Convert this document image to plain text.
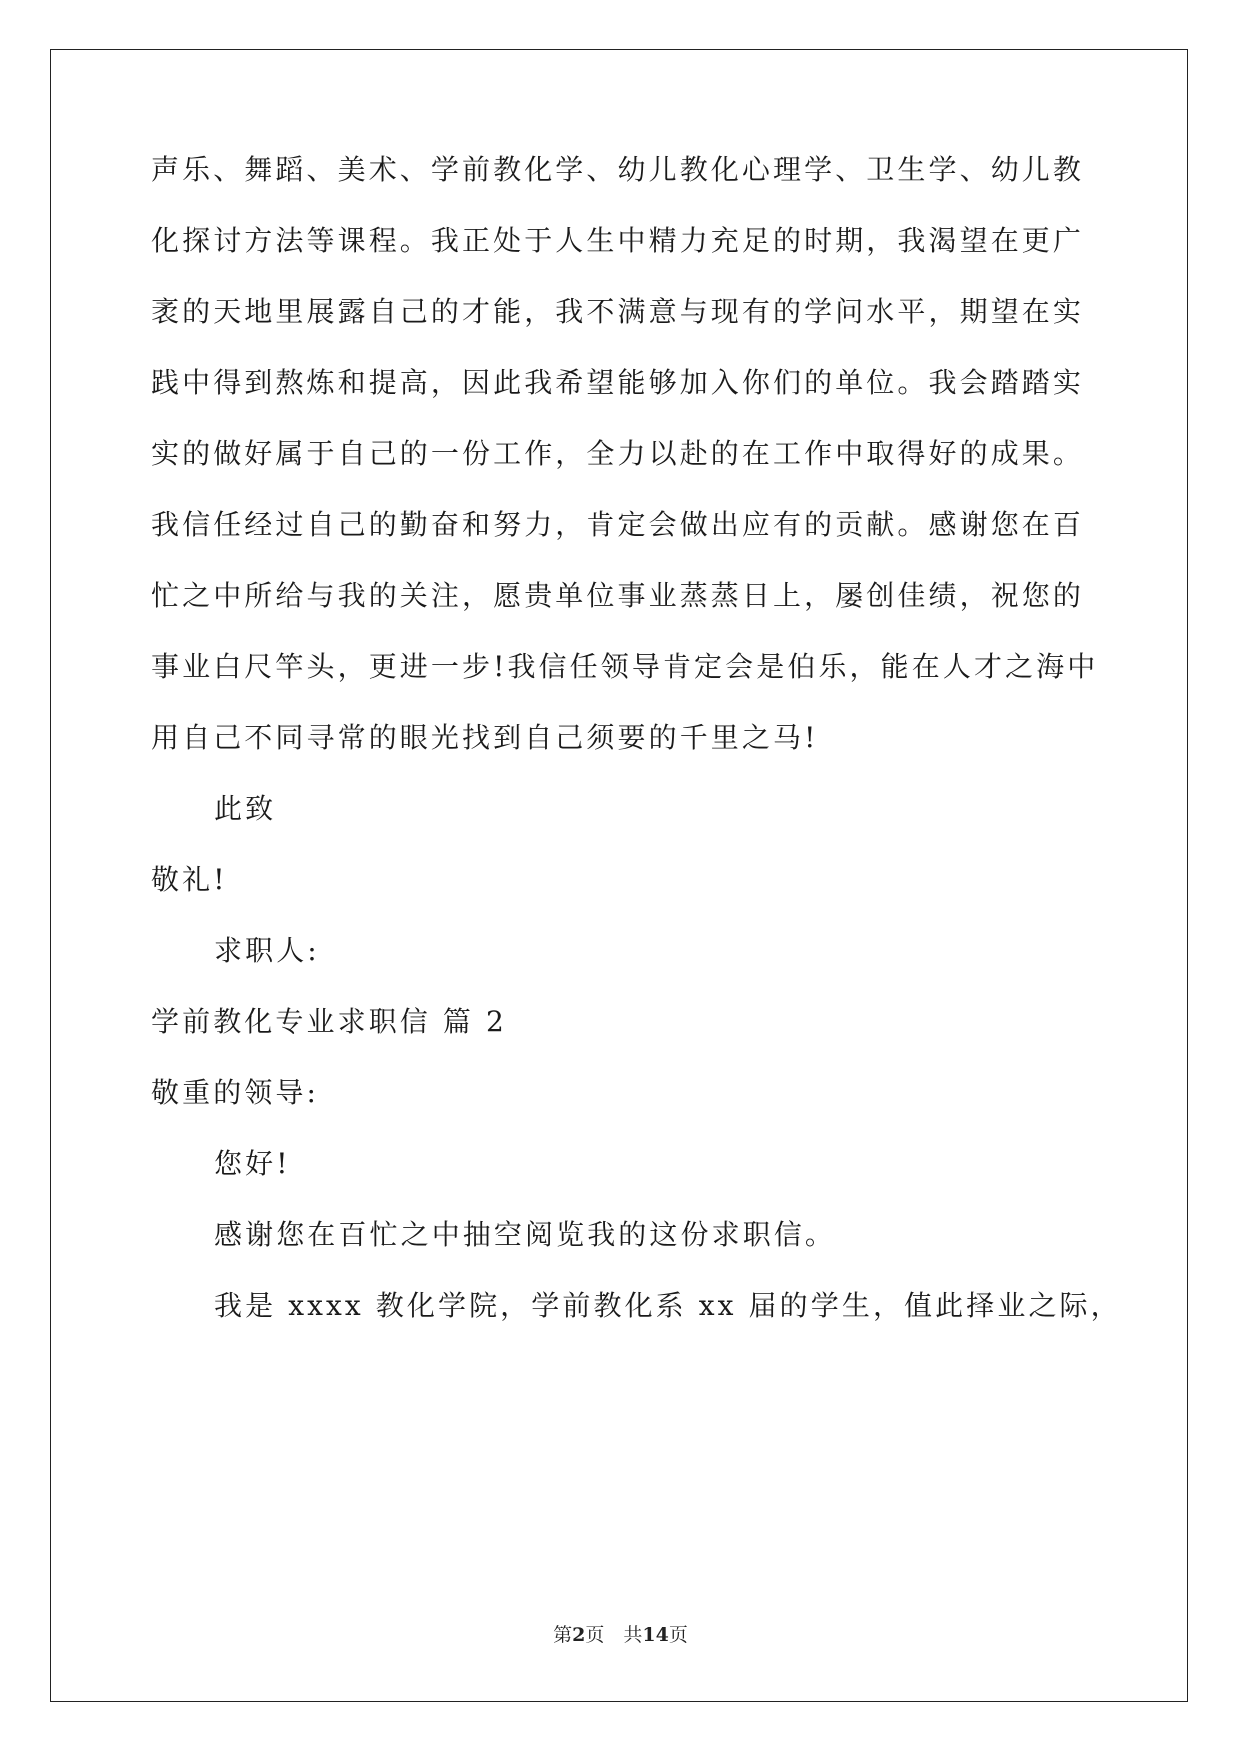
声乐、舞蹈、美术、学前教化学、幼儿教化心理学、卫生学、幼儿教
化探讨方法等课程。我正处于人生中精力充足的时期，我渴望在更广
袤的天地里展露自己的才能，我不满意与现有的学问水平，期望在实
践中得到熬炼和提高，因此我希望能够加入你们的单位。我会踏踏实
实的做好属于自己的一份工作，全力以赴的在工作中取得好的成果。
我信任经过自己的勤奋和努力，肯定会做出应有的贡献。感谢您在百
忙之中所给与我的关注，愿贵单位事业蒸蒸日上，屡创佳绩，祝您的
事业白尺竿头，更进一步!我信任领导肯定会是伯乐，能在人才之海中
用自己不同寻常的眼光找到自己须要的千里之马!
此致
敬礼!
求职人:
学前教化专业求职信 篇 2
敬重的领导:
您好!
感谢您在百忙之中抽空阅览我的这份求职信。
我是 xxxx 教化学院，学前教化系 xx 届的学生，值此择业之际，
第2页　共14页
